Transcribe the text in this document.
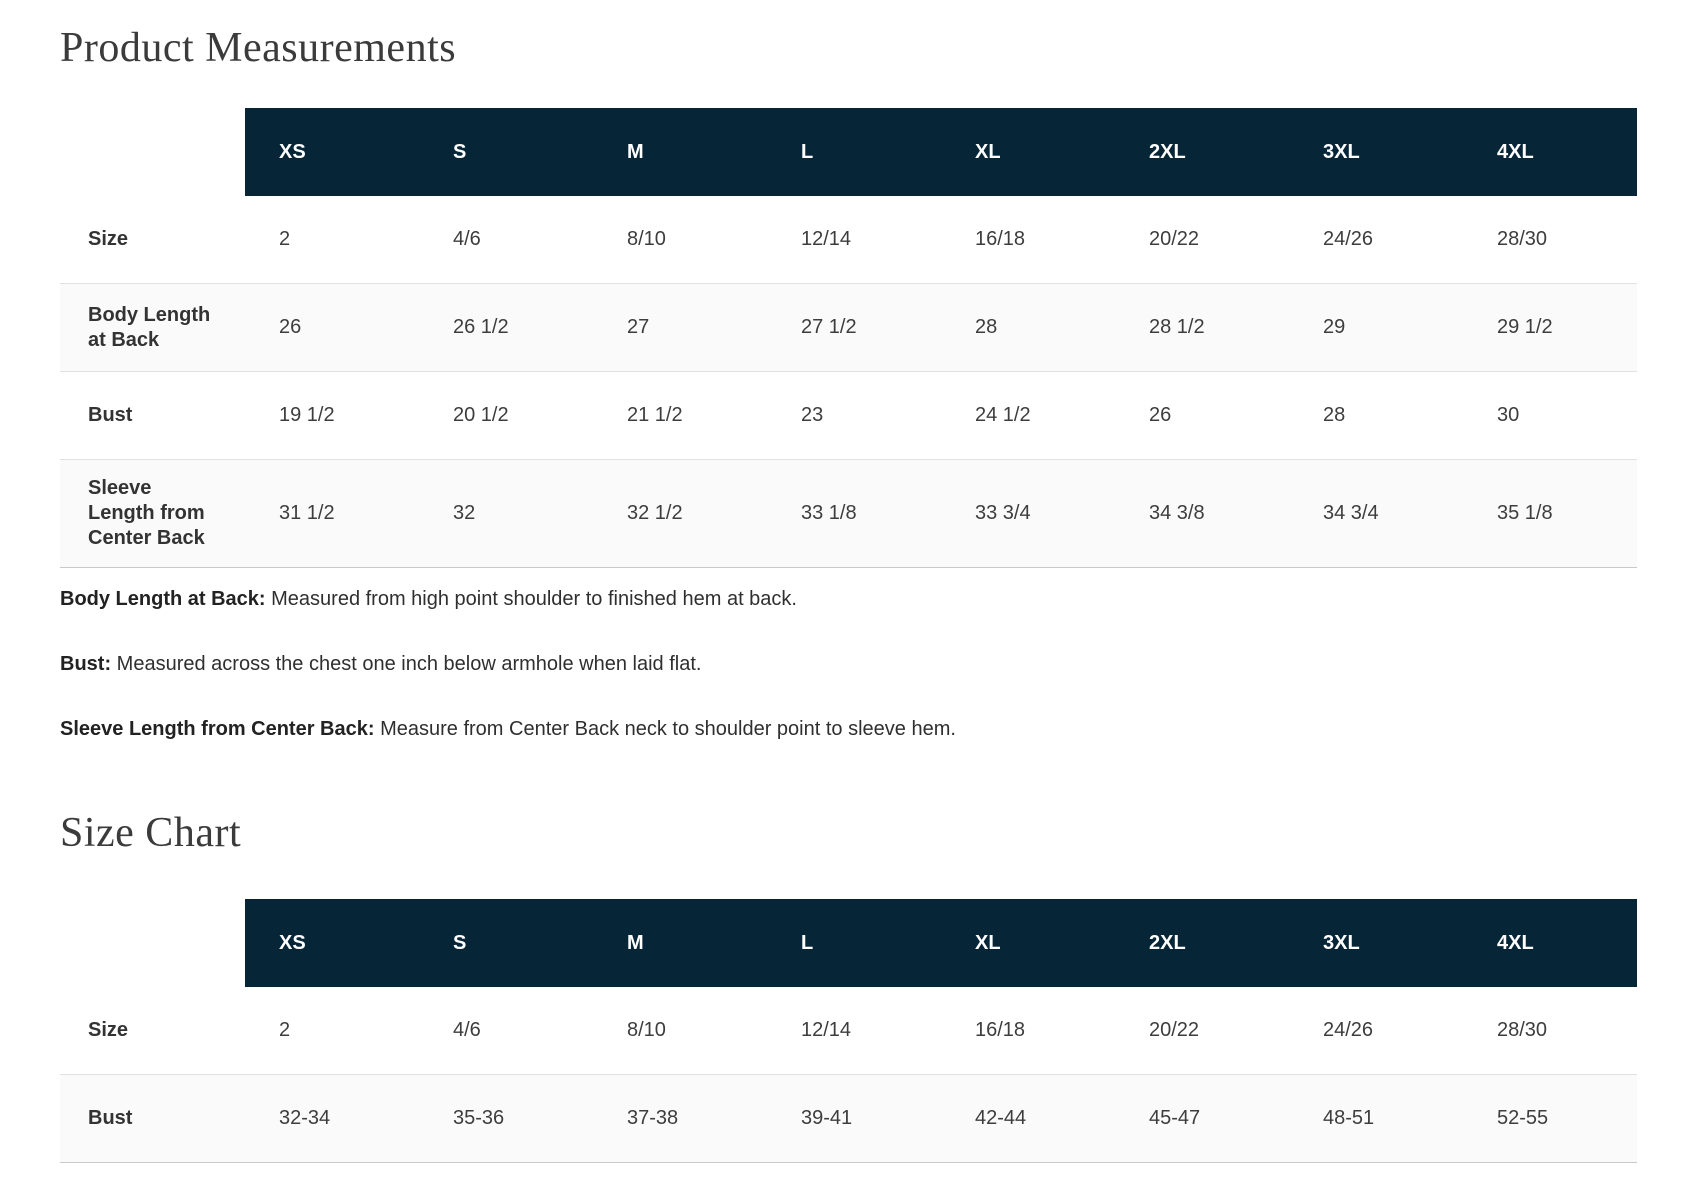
Product Measurements
	XS	S	M	L	XL	2XL	3XL	4XL
Size	2	4/6	8/10	12/14	16/18	20/22	24/26	28/30
Body Length at Back	26	26 1/2	27	27 1/2	28	28 1/2	29	29 1/2
Bust	19 1/2	20 1/2	21 1/2	23	24 1/2	26	28	30
Sleeve Length from Center Back	31 1/2	32	32 1/2	33 1/8	33 3/4	34 3/8	34 3/4	35 1/8

Body Length at Back: Measured from high point shoulder to finished hem at back.

Bust: Measured across the chest one inch below armhole when laid flat.

Sleeve Length from Center Back: Measure from Center Back neck to shoulder point to sleeve hem.

Size Chart
	XS	S	M	L	XL	2XL	3XL	4XL
Size	2	4/6	8/10	12/14	16/18	20/22	24/26	28/30
Bust	32-34	35-36	37-38	39-41	42-44	45-47	48-51	52-55
